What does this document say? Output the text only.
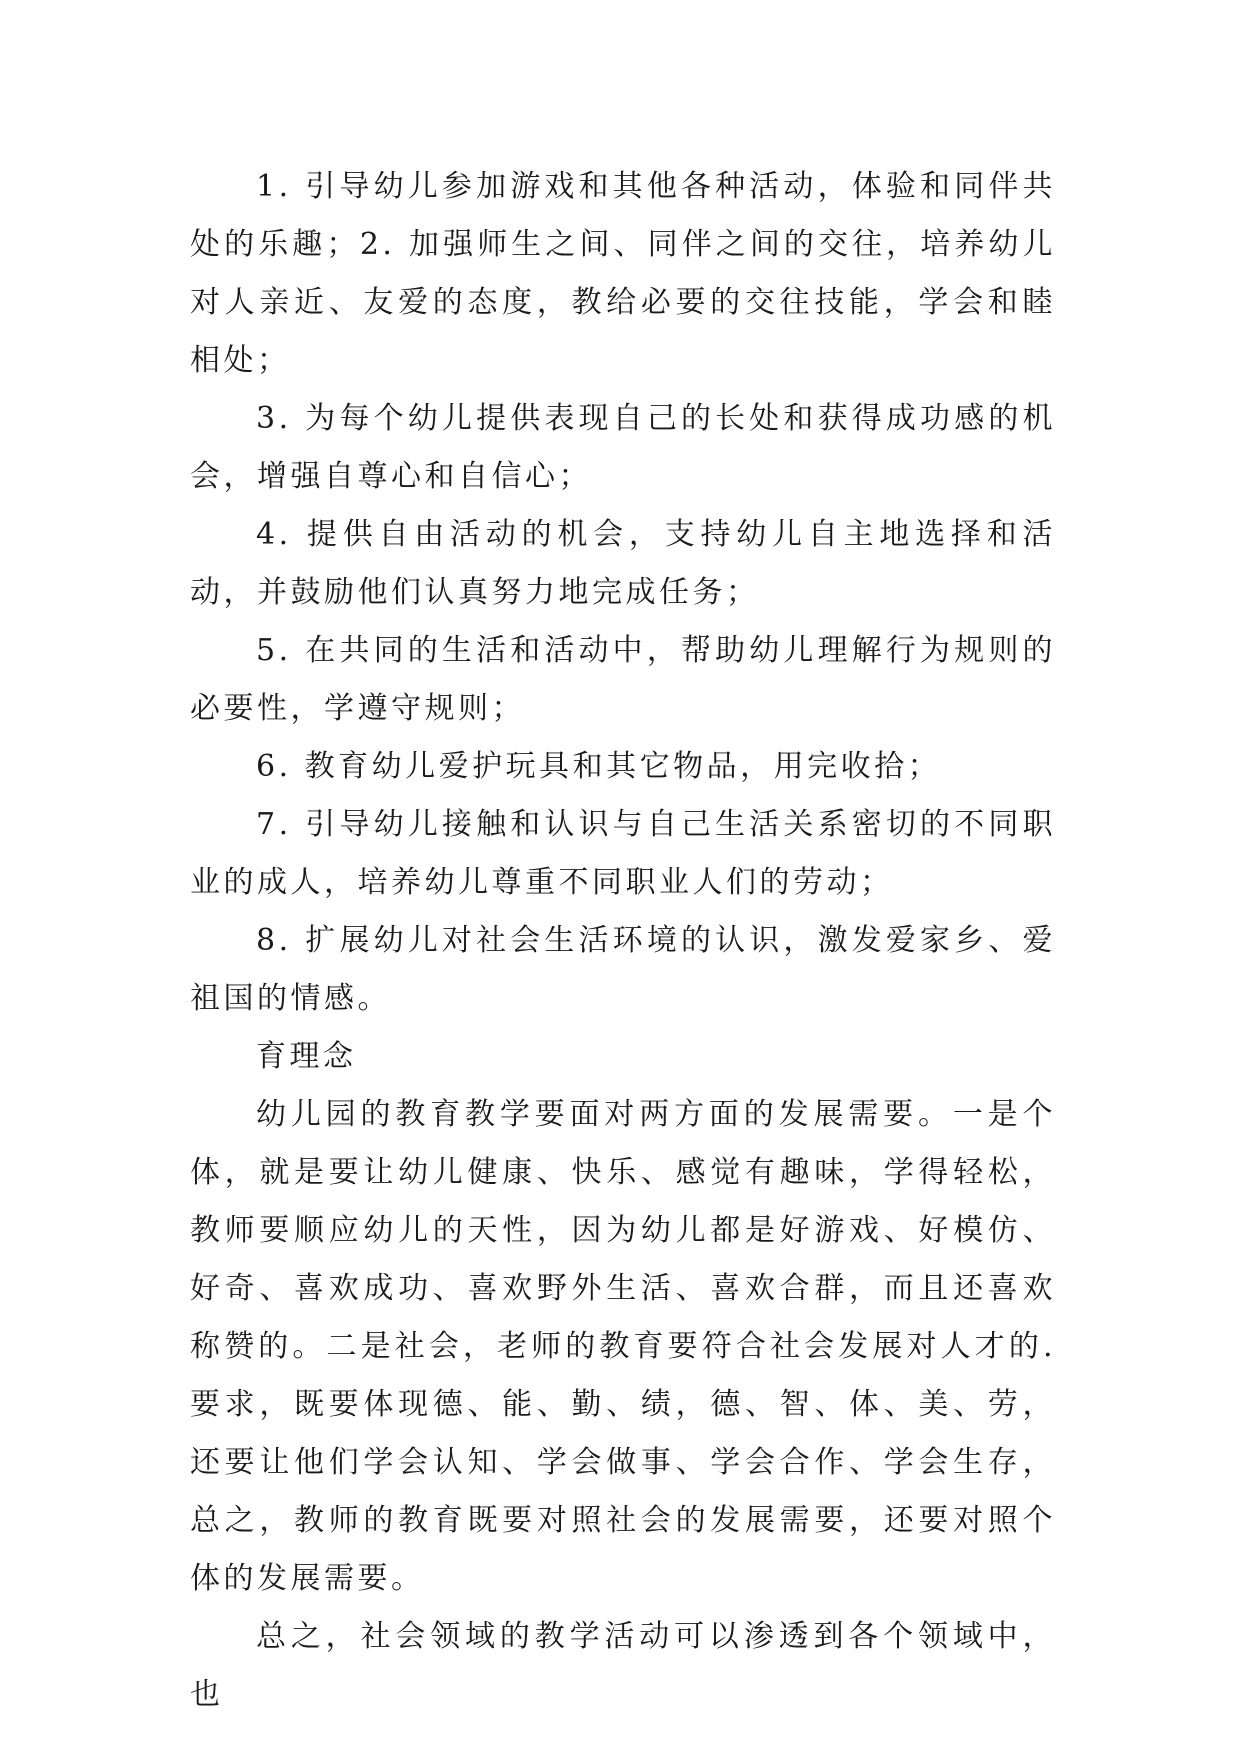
1. 引导幼儿参加游戏和其他各种活动，体验和同伴共处的乐趣；2. 加强师生之间、同伴之间的交往，培养幼儿对人亲近、友爱的态度，教给必要的交往技能，学会和睦相处；

3. 为每个幼儿提供表现自己的长处和获得成功感的机会，增强自尊心和自信心；

4. 提供自由活动的机会，支持幼儿自主地选择和活动，并鼓励他们认真努力地完成任务；

5. 在共同的生活和活动中，帮助幼儿理解行为规则的必要性，学遵守规则；

6. 教育幼儿爱护玩具和其它物品，用完收拾；

7. 引导幼儿接触和认识与自己生活关系密切的不同职业的成人，培养幼儿尊重不同职业人们的劳动；

8. 扩展幼儿对社会生活环境的认识，激发爱家乡、爱祖国的情感。

育理念

幼儿园的教育教学要面对两方面的发展需要。一是个体，就是要让幼儿健康、快乐、感觉有趣味，学得轻松，教师要顺应幼儿的天性，因为幼儿都是好游戏、好模仿、好奇、喜欢成功、喜欢野外生活、喜欢合群，而且还喜欢称赞的。二是社会，老师的教育要符合社会发展对人才的. 要求，既要体现德、能、勤、绩，德、智、体、美、劳，还要让他们学会认知、学会做事、学会合作、学会生存，总之，教师的教育既要对照社会的发展需要，还要对照个体的发展需要。

总之，社会领域的教学活动可以渗透到各个领域中，也
